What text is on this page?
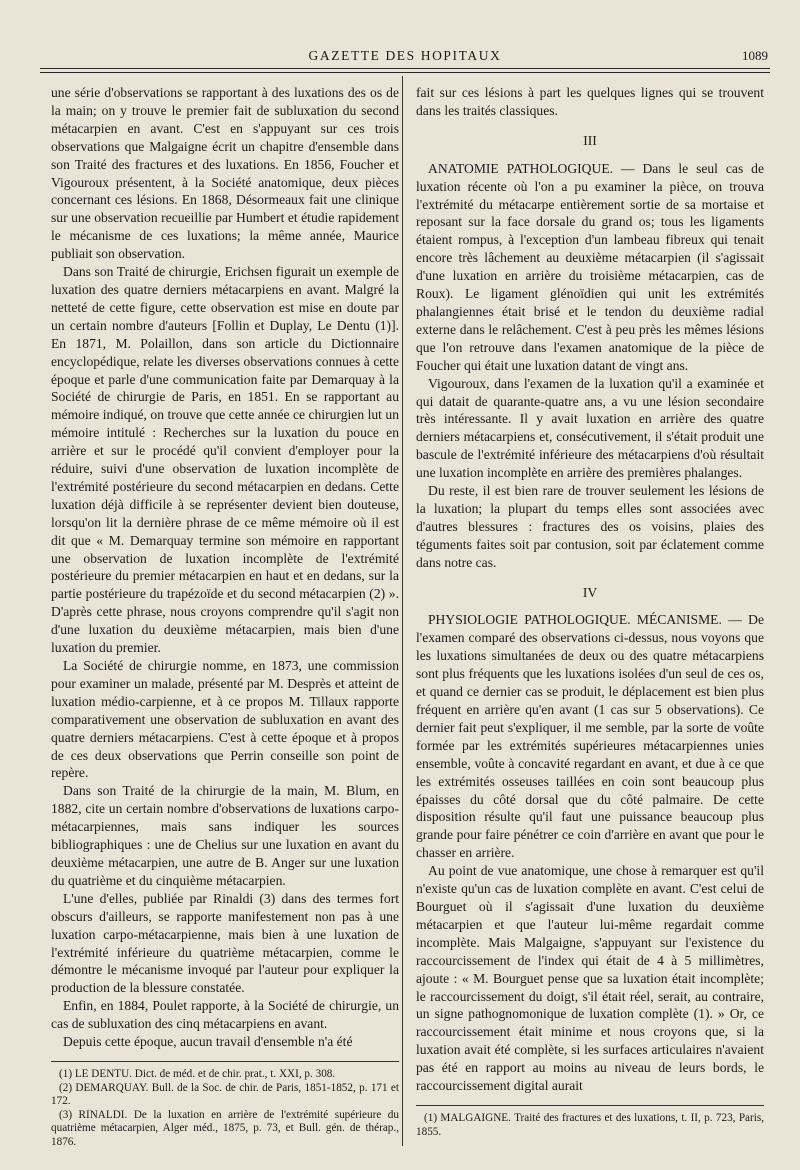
GAZETTE DES HOPITAUX	1089

une série d'observations se rapportant à des luxations des os de la main; on y trouve le premier fait de subluxation du second métacarpien en avant. C'est en s'appuyant sur ces trois observations que Malgaigne écrit un chapitre d'ensemble dans son Traité des fractures et des luxations. En 1856, Foucher et Vigouroux présentent, à la Société anatomique, deux pièces concernant ces lésions. En 1868, Désormeaux fait une clinique sur une observation recueillie par Humbert et étudie rapidement le mécanisme de ces luxations; la même année, Maurice publiait son observation.

Dans son Traité de chirurgie, Erichsen figurait un exemple de luxation des quatre derniers métacarpiens en avant. Malgré la netteté de cette figure, cette observation est mise en doute par un certain nombre d'auteurs [Follin et Duplay, Le Dentu (1)]. En 1871, M. Polaillon, dans son article du Dictionnaire encyclopédique, relate les diverses observations connues à cette époque et parle d'une communication faite par Demarquay à la Société de chirurgie de Paris, en 1851. En se rapportant au mémoire indiqué, on trouve que cette année ce chirurgien lut un mémoire intitulé : Recherches sur la luxation du pouce en arrière et sur le procédé qu'il convient d'employer pour la réduire, suivi d'une observation de luxation incomplète de l'extrémité postérieure du second métacarpien en dedans. Cette luxation déjà difficile à se représenter devient bien douteuse, lorsqu'on lit la dernière phrase de ce même mémoire où il est dit que « M. Demarquay termine son mémoire en rapportant une observation de luxation incomplète de l'extrémité postérieure du premier métacarpien en haut et en dedans, sur la partie postérieure du trapézoïde et du second métacarpien (2) ». D'après cette phrase, nous croyons comprendre qu'il s'agit non d'une luxation du deuxième métacarpien, mais bien d'une luxation du premier.

La Société de chirurgie nomme, en 1873, une commission pour examiner un malade, présenté par M. Desprès et atteint de luxation médio-carpienne, et à ce propos M. Tillaux rapporte comparativement une observation de subluxation en avant des quatre derniers métacarpiens. C'est à cette époque et à propos de ces deux observations que Perrin conseille son point de repère.

Dans son Traité de la chirurgie de la main, M. Blum, en 1882, cite un certain nombre d'observations de luxations carpo-métacarpiennes, mais sans indiquer les sources bibliographiques : une de Chelius sur une luxation en avant du deuxième métacarpien, une autre de B. Anger sur une luxation du quatrième et du cinquième métacarpien.

L'une d'elles, publiée par Rinaldi (3) dans des termes fort obscurs d'ailleurs, se rapporte manifestement non pas à une luxation carpo-métacarpienne, mais bien à une luxation de l'extrémité inférieure du quatrième métacarpien, comme le démontre le mécanisme invoqué par l'auteur pour expliquer la production de la blessure constatée.

Enfin, en 1884, Poulet rapporte, à la Société de chirurgie, un cas de subluxation des cinq métacarpiens en avant.

Depuis cette époque, aucun travail d'ensemble n'a été

(1) LE DENTU. Dict. de méd. et de chir. prat., t. XXI, p. 308.

(2) DEMARQUAY. Bull. de la Soc. de chir. de Paris, 1851-1852, p. 171 et 172.

(3) RINALDI. De la luxation en arrière de l'extrémité supérieure du quatrième métacarpien, Alger méd., 1875, p. 73, et Bull. gén. de thérap., 1876.

fait sur ces lésions à part les quelques lignes qui se trouvent dans les traités classiques.

III

ANATOMIE PATHOLOGIQUE. — Dans le seul cas de luxation récente où l'on a pu examiner la pièce, on trouva l'extrémité du métacarpe entièrement sortie de sa mortaise et reposant sur la face dorsale du grand os; tous les ligaments étaient rompus, à l'exception d'un lambeau fibreux qui tenait encore très lâchement au deuxième métacarpien (il s'agissait d'une luxation en arrière du troisième métacarpien, cas de Roux). Le ligament glénoïdien qui unit les extrémités phalangiennes était brisé et le tendon du deuxième radial externe dans le relâchement. C'est à peu près les mêmes lésions que l'on retrouve dans l'examen anatomique de la pièce de Foucher qui était une luxation datant de vingt ans.

Vigouroux, dans l'examen de la luxation qu'il a examinée et qui datait de quarante-quatre ans, a vu une lésion secondaire très intéressante. Il y avait luxation en arrière des quatre derniers métacarpiens et, consécutivement, il s'était produit une bascule de l'extrémité inférieure des métacarpiens d'où résultait une luxation incomplète en arrière des premières phalanges.

Du reste, il est bien rare de trouver seulement les lésions de la luxation; la plupart du temps elles sont associées avec d'autres blessures : fractures des os voisins, plaies des téguments faites soit par contusion, soit par éclatement comme dans notre cas.

IV

PHYSIOLOGIE PATHOLOGIQUE. MÉCANISME. — De l'examen comparé des observations ci-dessus, nous voyons que les luxations simultanées de deux ou des quatre métacarpiens sont plus fréquents que les luxations isolées d'un seul de ces os, et quand ce dernier cas se produit, le déplacement est bien plus fréquent en arrière qu'en avant (1 cas sur 5 observations). Ce dernier fait peut s'expliquer, il me semble, par la sorte de voûte formée par les extrémités supérieures métacarpiennes unies ensemble, voûte à concavité regardant en avant, et due à ce que les extrémités osseuses taillées en coin sont beaucoup plus épaisses du côté dorsal que du côté palmaire. De cette disposition résulte qu'il faut une puissance beaucoup plus grande pour faire pénétrer ce coin d'arrière en avant que pour le chasser en arrière.

Au point de vue anatomique, une chose à remarquer est qu'il n'existe qu'un cas de luxation complète en avant. C'est celui de Bourguet où il s'agissait d'une luxation du deuxième métacarpien et que l'auteur lui-même regardait comme incomplète. Mais Malgaigne, s'appuyant sur l'existence du raccourcissement de l'index qui était de 4 à 5 millimètres, ajoute : « M. Bourguet pense que sa luxation était incomplète; le raccourcissement du doigt, s'il était réel, serait, au contraire, un signe pathognomonique de luxation complète (1). » Or, ce raccourcissement était minime et nous croyons que, si la luxation avait été complète, si les surfaces articulaires n'avaient pas été en rapport au moins au niveau de leurs bords, le raccourcissement digital aurait

(1) MALGAIGNE. Traité des fractures et des luxations, t. II, p. 723, Paris, 1855.
